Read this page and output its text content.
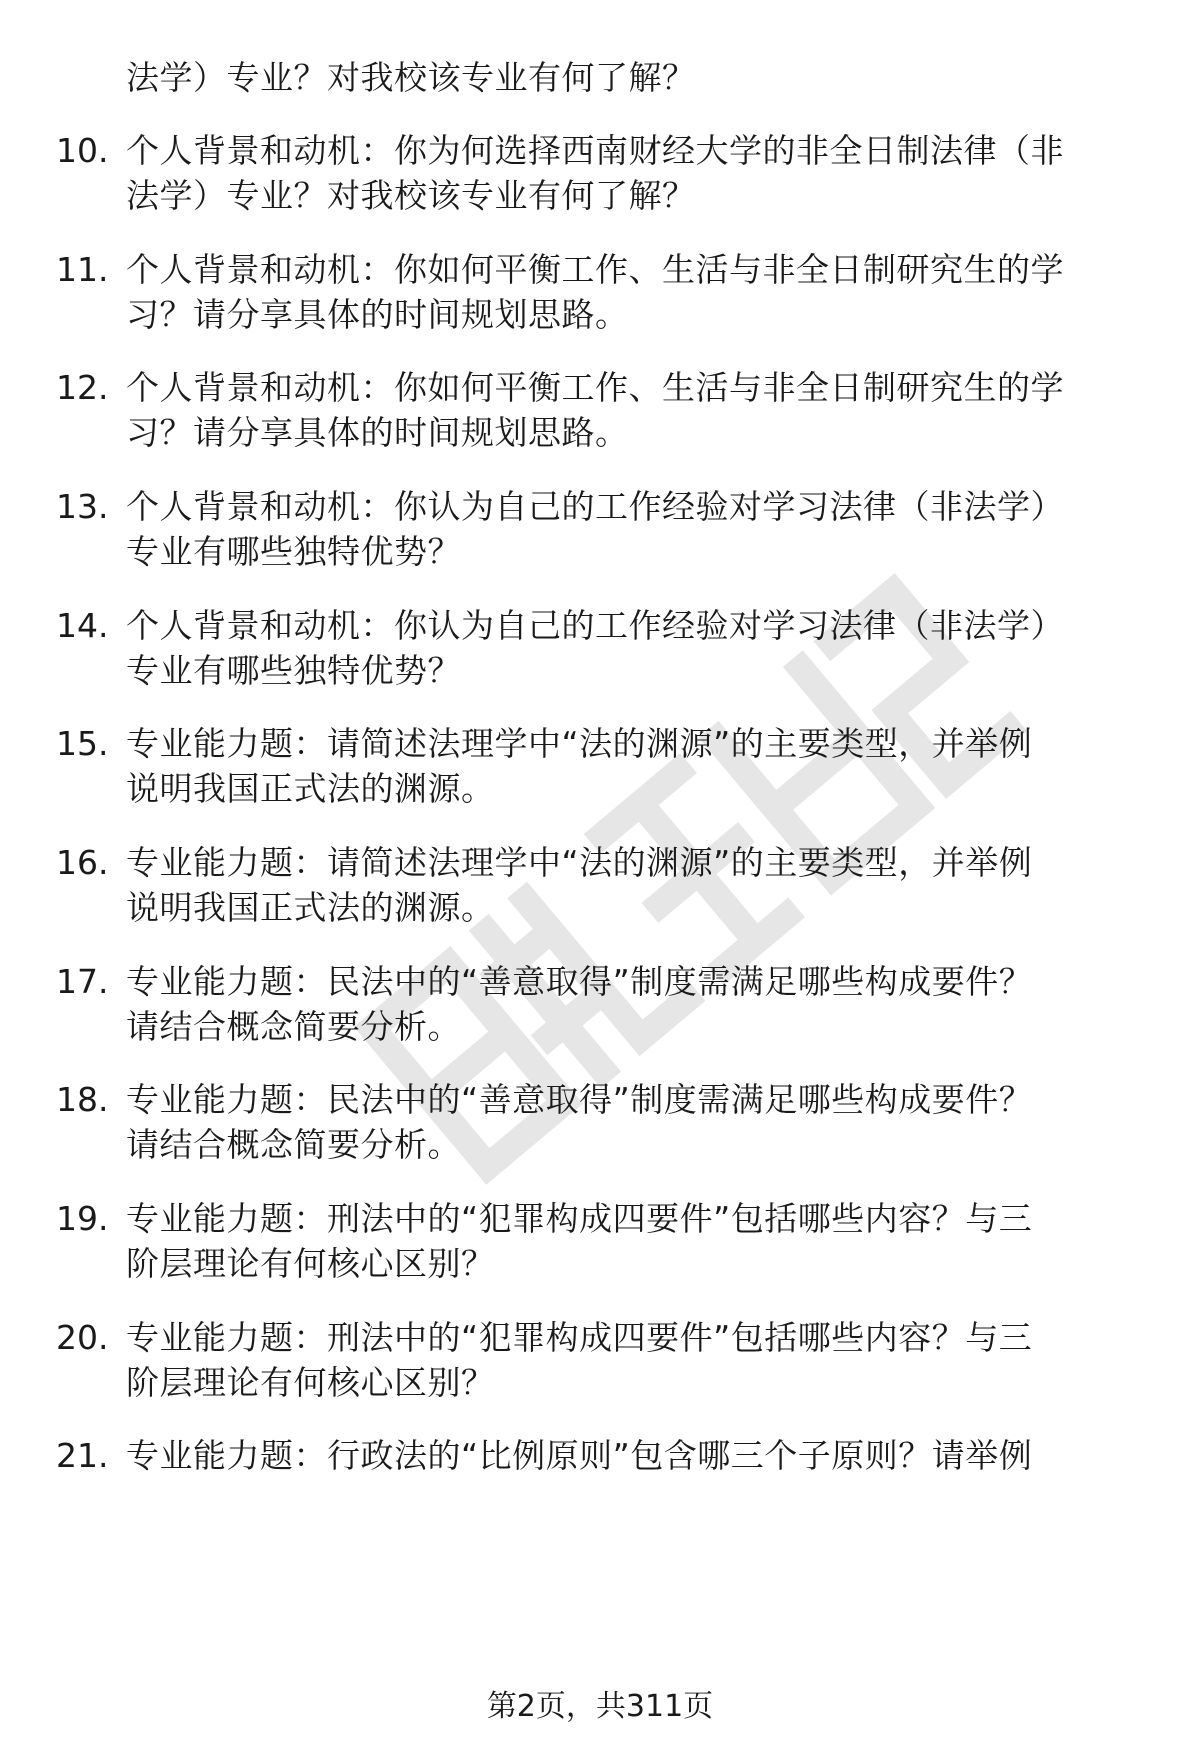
法学）专业？对我校该专业有何了解？
10. 个人背景和动机：你为何选择西南财经大学的非全日制法律（非
法学）专业？对我校该专业有何了解？
11. 个人背景和动机：你如何平衡工作、生活与非全日制研究生的学
习？请分享具体的时间规划思路。
12. 个人背景和动机：你如何平衡工作、生活与非全日制研究生的学
习？请分享具体的时间规划思路。
13. 个人背景和动机：你认为自己的工作经验对学习法律（非法学）
专业有哪些独特优势？
14. 个人背景和动机：你认为自己的工作经验对学习法律（非法学）
专业有哪些独特优势？
15. 专业能力题：请简述法理学中“法的渊源”的主要类型，并举例
说明我国正式法的渊源。
16. 专业能力题：请简述法理学中“法的渊源”的主要类型，并举例
说明我国正式法的渊源。
17. 专业能力题：民法中的“善意取得”制度需满足哪些构成要件？
请结合概念简要分析。
18. 专业能力题：民法中的“善意取得”制度需满足哪些构成要件？
请结合概念简要分析。
19. 专业能力题：刑法中的“犯罪构成四要件”包括哪些内容？与三
阶层理论有何核心区别？
20. 专业能力题：刑法中的“犯罪构成四要件”包括哪些内容？与三
阶层理论有何核心区别？
21. 专业能力题：行政法的“比例原则”包含哪三个子原则？请举例
第2页，共311页
